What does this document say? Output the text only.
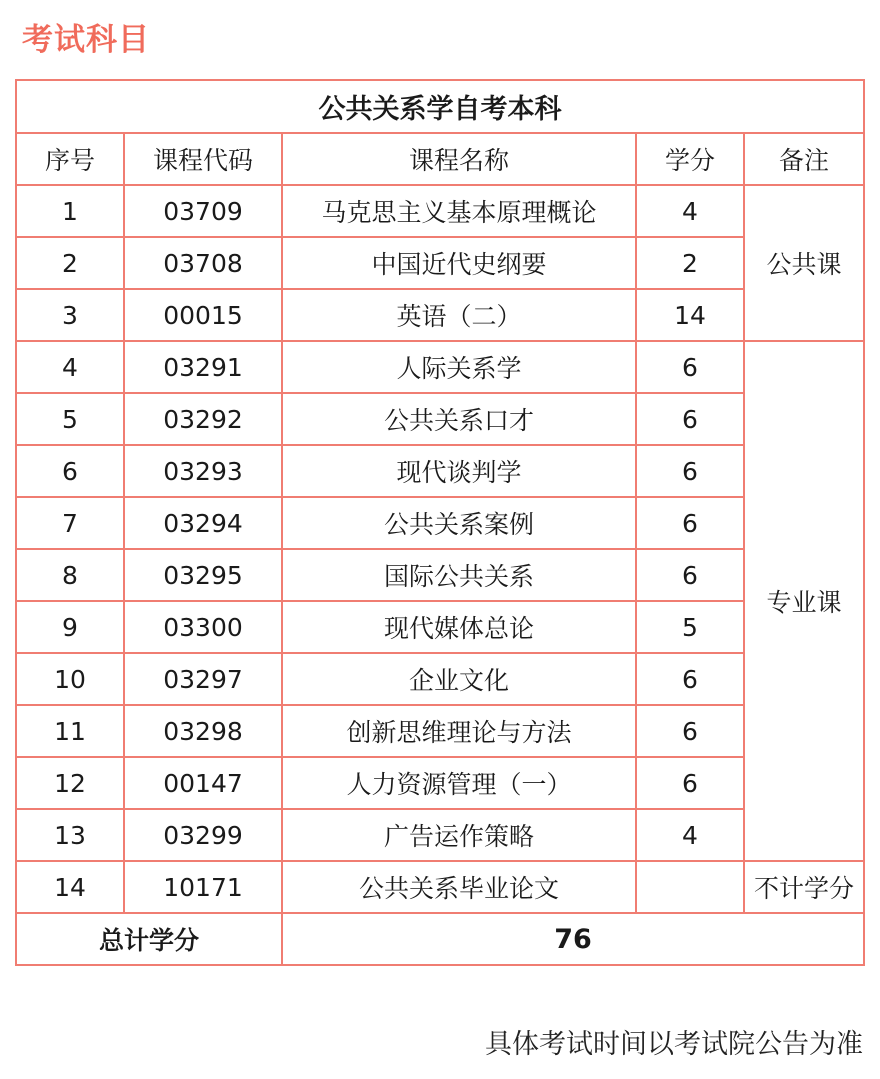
考试科目
公共关系学自考本科				
序号	课程代码	课程名称	学分	备注
1	03709	马克思主义基本原理概论	4	公共课
2	03708	中国近代史纲要	2	
3	00015	英语（二）	14	
4	03291	人际关系学	6	专业课
5	03292	公共关系口才	6	
6	03293	现代谈判学	6	
7	03294	公共关系案例	6	
8	03295	国际公共关系	6	
9	03300	现代媒体总论	5	
10	03297	企业文化	6	
11	03298	创新思维理论与方法	6	
12	00147	人力资源管理（一）	6	
13	03299	广告运作策略	4	
14	10171	公共关系毕业论文		不计学分
总计学分		76		

具体考试时间以考试院公告为准
